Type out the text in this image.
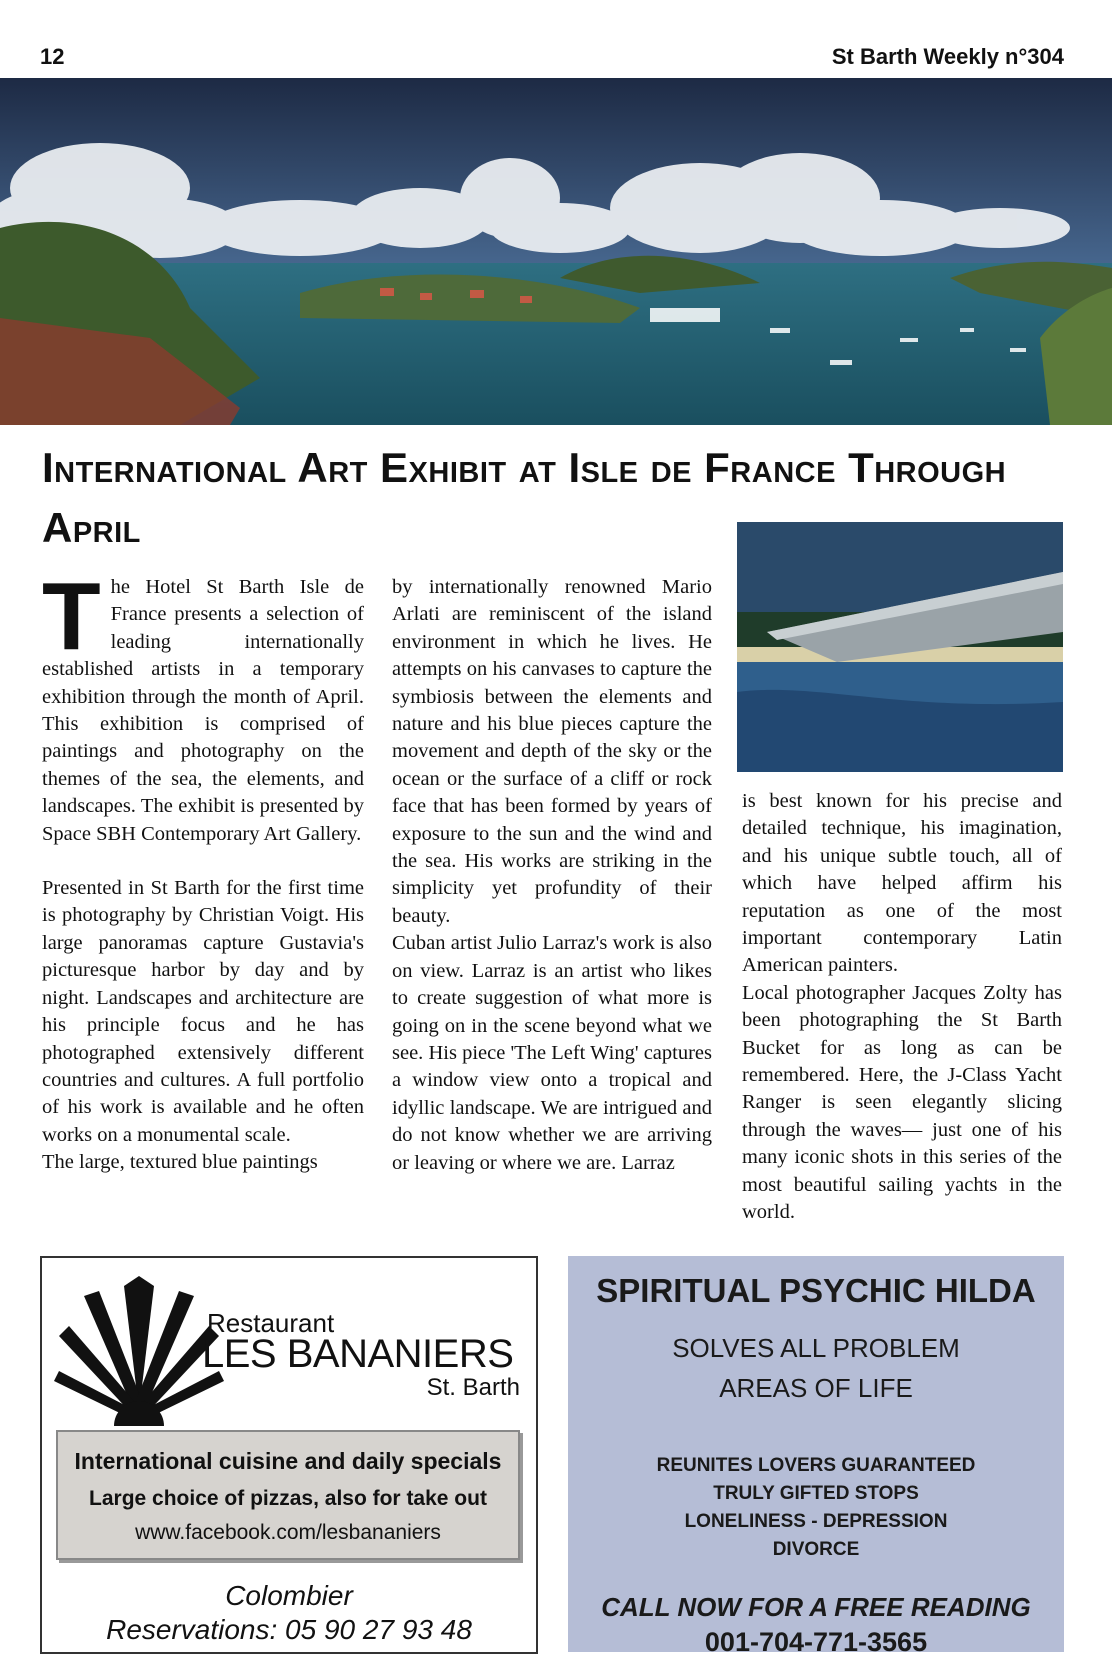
12	St Barth Weekly n°304
International Art Exhibit at Isle de France Through April

The Hotel St Barth Isle de France presents a selection of leading internationally established artists in a temporary exhibition through the month of April. This exhibition is comprised of paintings and photography on the themes of the sea, the elements, and landscapes. The exhibit is presented by Space SBH Contemporary Art Gallery.

Presented in St Barth for the first time is photography by Christian Voigt. His large panoramas capture Gustavia's picturesque harbor by day and by night. Landscapes and architecture are his principle focus and he has photographed extensively different countries and cultures. A full portfolio of his work is available and he often works on a monumental scale.

The large, textured blue paintings

by internationally renowned Mario Arlati are reminiscent of the island environment in which he lives. He attempts on his canvases to capture the symbiosis between the elements and nature and his blue pieces capture the movement and depth of the sky or the ocean or the surface of a cliff or rock face that has been formed by years of exposure to the sun and the wind and the sea. His works are striking in the simplicity yet profundity of their beauty.

Cuban artist Julio Larraz's work is also on view. Larraz is an artist who likes to create suggestion of what more is going on in the scene beyond what we see. His piece 'The Left Wing' captures a window view onto a tropical and idyllic landscape. We are intrigued and do not know whether we are arriving or leaving or where we are. Larraz

is best known for his precise and detailed technique, his imagination, and his unique subtle touch, all of which have helped affirm his reputation as one of the most important contemporary Latin American painters.

Local photographer Jacques Zolty has been photographing the St Barth Bucket for as long as can be remembered. Here, the J-Class Yacht Ranger is seen elegantly slicing through the waves— just one of his many iconic shots in this series of the most beautiful sailing yachts in the world.

Restaurant
LES BANANIERS
St. Barth
International cuisine and daily specials
Large choice of pizzas, also for take out
www.facebook.com/lesbananiers
Colombier
Reservations: 05 90 27 93 48
SPIRITUAL PSYCHIC HILDA
SOLVES ALL PROBLEM AREAS OF LIFE
REUNITES LOVERS GUARANTEED
TRULY GIFTED STOPS
LONELINESS - DEPRESSION
DIVORCE
CALL NOW FOR A FREE READING
001-704-771-3565
